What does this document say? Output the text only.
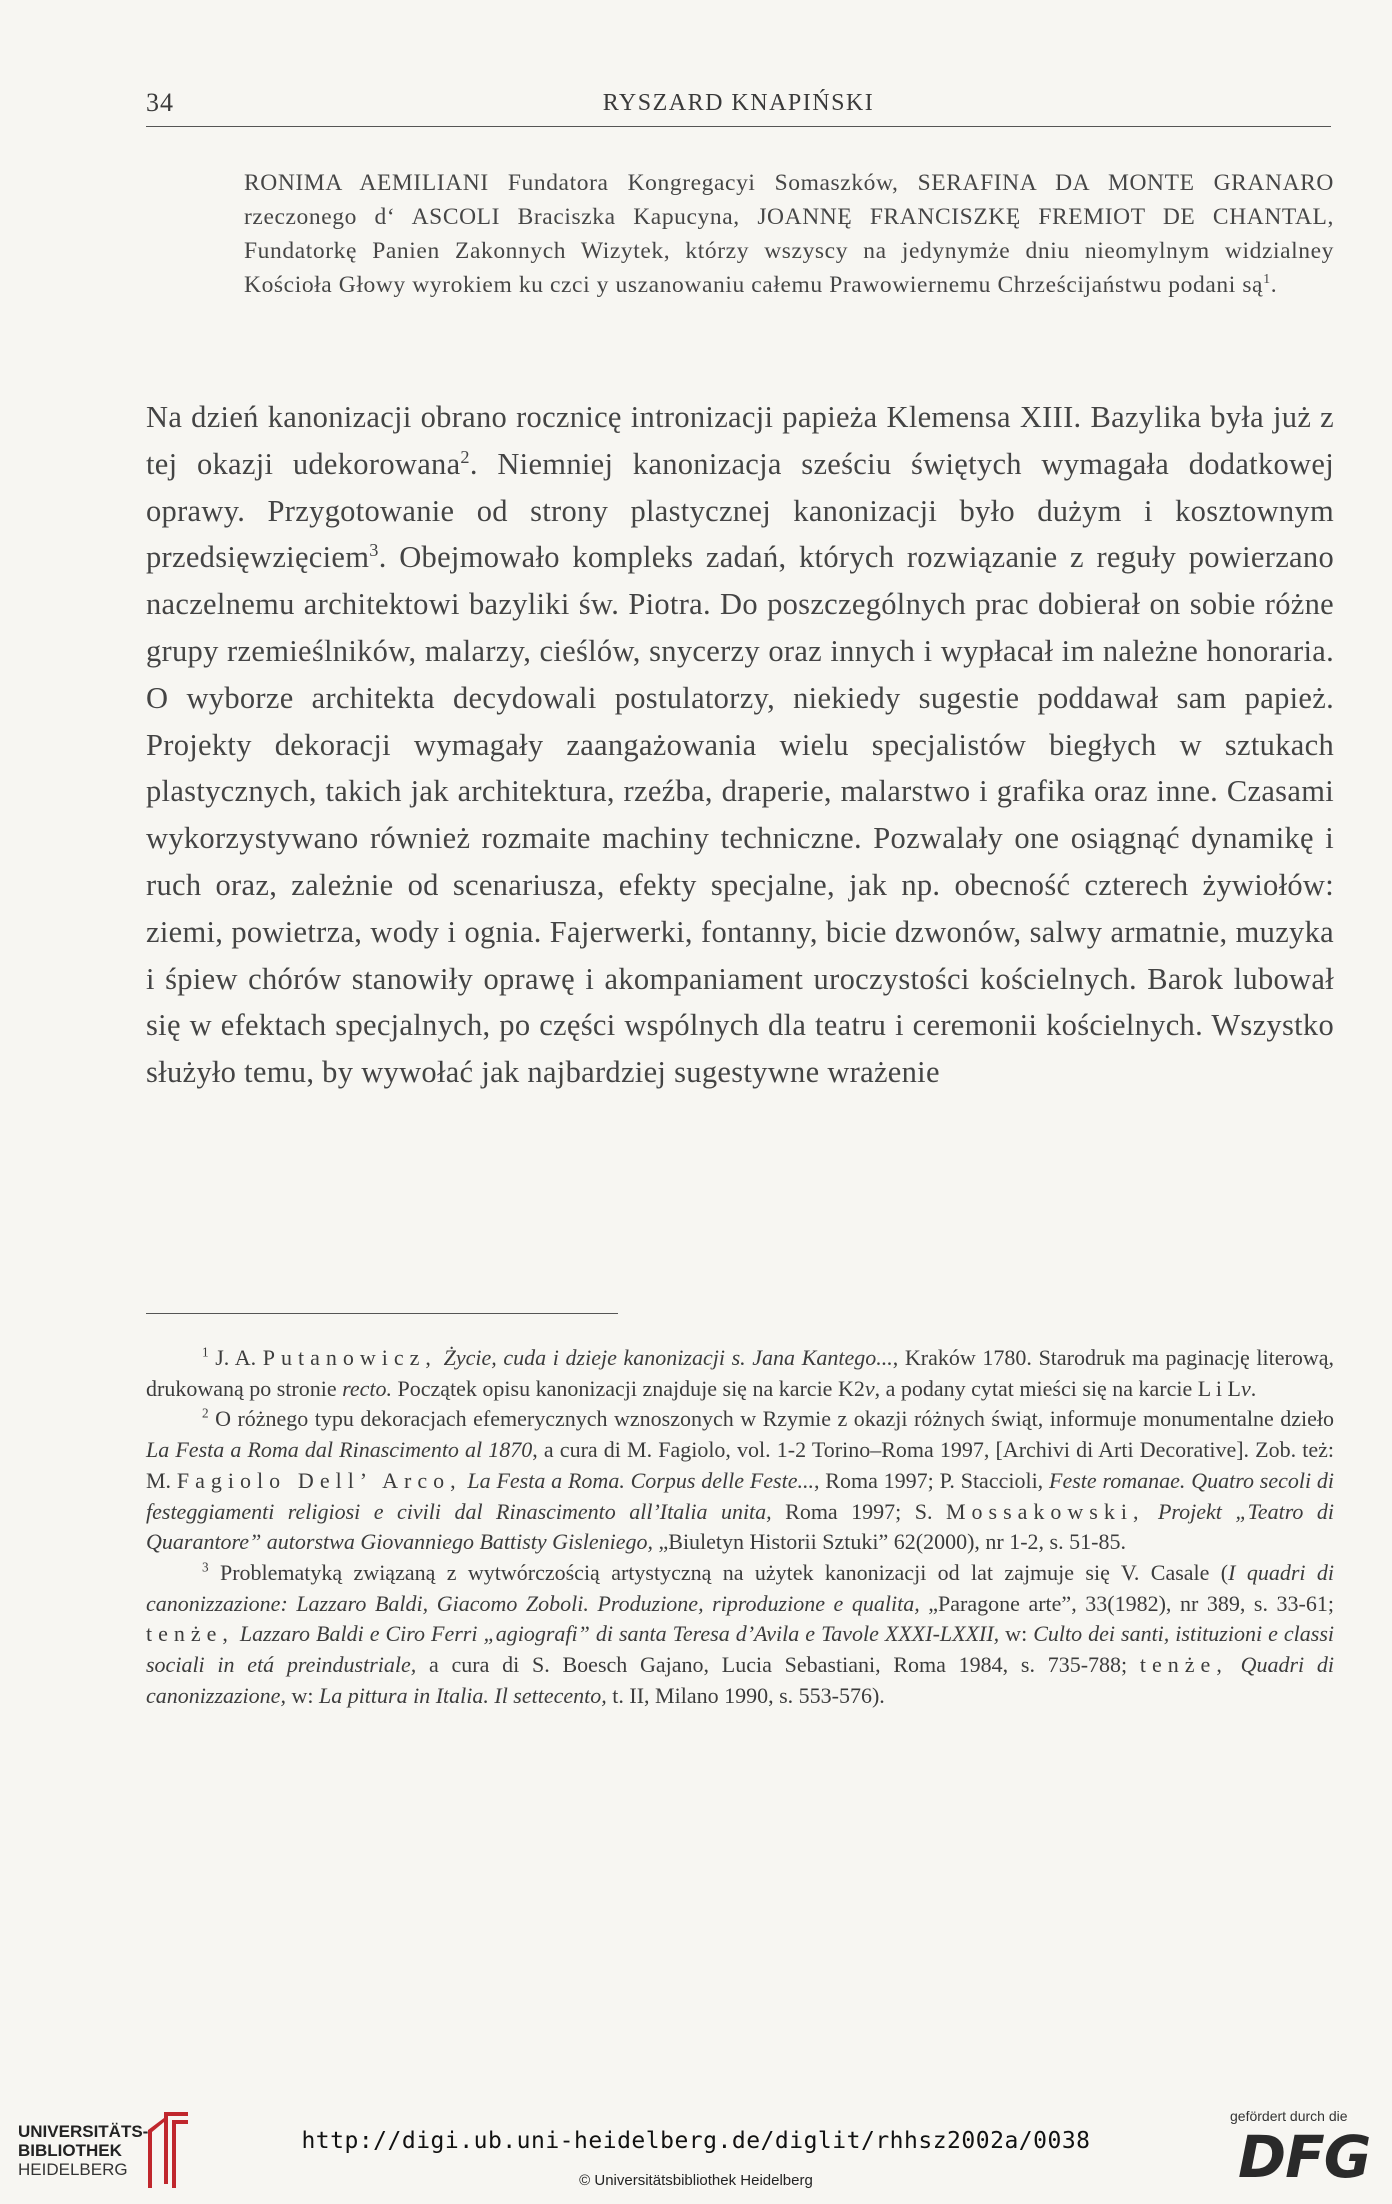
34	RYSZARD KNAPIŃSKI
RONIMA AEMILIANI Fundatora Kongregacyi Somaszków, SERAFINA DA MONTE GRANARO rzeczonego d‘ ASCOLI Braciszka Kapucyna, JOANNĘ FRANCISZKĘ FREMIOT DE CHANTAL, Fundatorkę Panien Zakonnych Wizytek, którzy wszyscy na jedynymże dniu nieomylnym widzialney Kościoła Głowy wyrokiem ku czci y uszanowaniu całemu Prawowiernemu Chrześcijaństwu podani $są^1$.
Na dzień kanonizacji obrano rocznicę intronizacji papieża Klemensa XIII. Bazylika była już z tej okazji udekorowana$^2$. Niemniej kanonizacja sześciu świętych wymagała dodatkowej oprawy. Przygotowanie od strony plastycznej kanonizacji było dużym i kosztownym przedsięwzięciem$^3$. Obejmowało kompleks zadań, których rozwiązanie z reguły powierzano naczelnemu architektowi bazyliki św. Piotra. Do poszczególnych prac dobierał on sobie różne grupy rzemieślników, malarzy, cieślów, snycerzy oraz innych i wypłacał im należne honoraria. O wyborze architekta decydowali postulatorzy, niekiedy sugestie poddawał sam papież. Projekty dekoracji wymagały zaangażowania wielu specjalistów biegłych w sztukach plastycznych, takich jak architektura, rzeźba, draperie, malarstwo i grafika oraz inne. Czasami wykorzystywano również rozmaite machiny techniczne. Pozwalały one osiągnąć dynamikę i ruch oraz, zależnie od scenariusza, efekty specjalne, jak np. obecność czterech żywiołów: ziemi, powietrza, wody i ognia. Fajerwerki, fontanny, bicie dzwonów, salwy armatnie, muzyka i śpiew chórów stanowiły oprawę i akompaniament uroczystości kościelnych. Barok lubował się w efektach specjalnych, po części wspólnych dla teatru i ceremonii kościelnych. Wszystko służyło temu, by wywołać jak najbardziej sugestywne wrażenie

$^1$ J. A. Putanowicz, Życie, cuda i dzieje kanonizacji s. Jana Kantego..., Kraków 1780. Starodruk ma paginację literową, drukowaną po stronie recto. Początek opisu kanonizacji znajduje się na karcie K2v, a podany cytat mieści się na karcie L i Lv.

$^2$ O różnego typu dekoracjach efemerycznych wznoszonych w Rzymie z okazji różnych świąt, informuje monumentalne dzieło La Festa a Roma dal Rinascimento al 1870, a cura di M. Fagiolo, vol. 1-2 Torino–Roma 1997, [Archivi di Arti Decorative]. Zob. też: M. Fagiolo Dell’ Arco, La Festa a Roma. Corpus delle Feste..., Roma 1997; P. Staccioli, Feste romanae. Quatro secoli di festeggiamenti religiosi e civili dal Rinascimento all’Italia unita, Roma 1997; S. Mossakowski, Projekt „Teatro di Quarantore” autorstwa Giovanniego Battisty Gisleniego, „Biuletyn Historii Sztuki” 62(2000), nr 1-2, s. 51-85.

$^3$ Problematyką związaną z wytwórczością artystyczną na użytek kanonizacji od lat zajmuje się V. Casale (I quadri di canonizzazione: Lazzaro Baldi, Giacomo Zoboli. Produzione, riproduzione e qualita, „Paragone arte”, 33(1982), nr 389, s. 33-61; tenże, Lazzaro Baldi e Ciro Ferri „agiografi” di santa Teresa d’Avila e Tavole XXXI-LXXII, w: Culto dei santi, istituzioni e classi sociali in etá preindustriale, a cura di S. Boesch Gajano, Lucia Sebastiani, Roma 1984, s. 735-788; tenże, Quadri di canonizzazione, w: La pittura in Italia. Il settecento, t. II, Milano 1990, s. 553-576).

UNIVERSITÄTS-
BIBLIOTHEK
HEIDELBERG
http://digi.ub.uni-heidelberg.de/diglit/rhhsz2002a/0038
© Universitätsbibliothek Heidelberg
gefördert durch die
DFG
